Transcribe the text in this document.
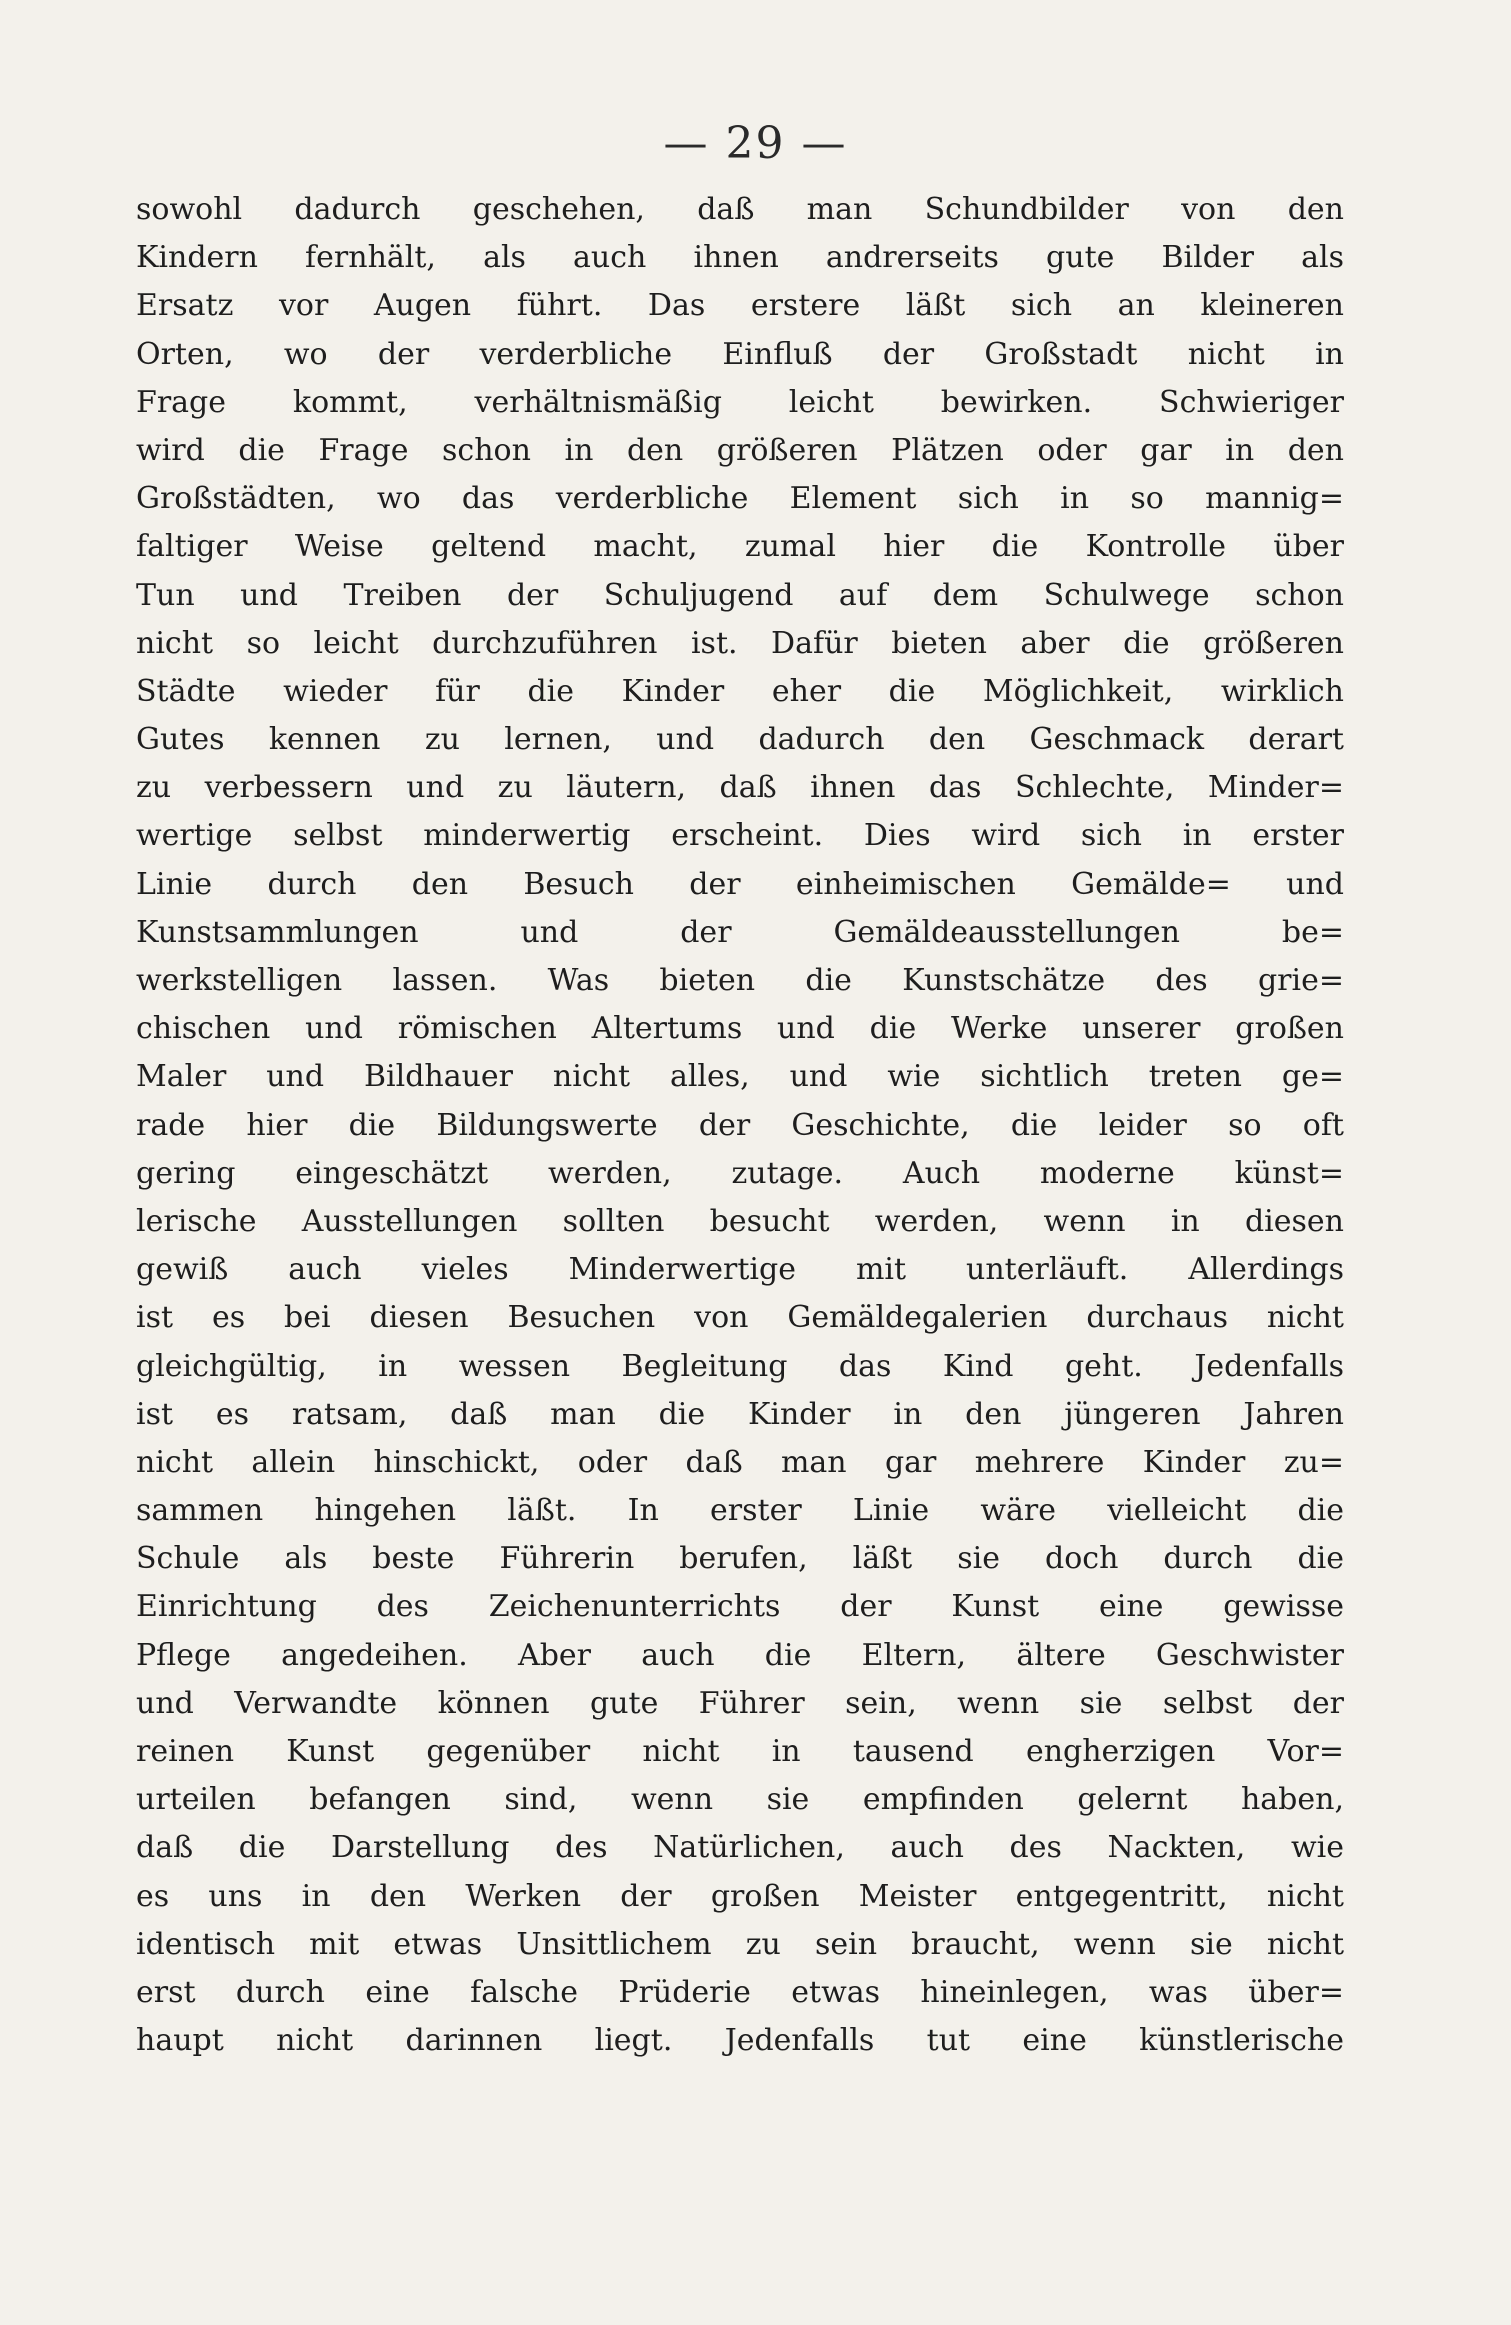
— 29 —
sowohl dadurch geschehen, daß man Schundbilder von den
Kindern fernhält, als auch ihnen andrerseits gute Bilder als
Ersatz vor Augen führt. Das erstere läßt sich an kleineren
Orten, wo der verderbliche Einfluß der Großstadt nicht in
Frage kommt, verhältnismäßig leicht bewirken. Schwieriger
wird die Frage schon in den größeren Plätzen oder gar in den
Großstädten, wo das verderbliche Element sich in so mannig=
faltiger Weise geltend macht, zumal hier die Kontrolle über
Tun und Treiben der Schuljugend auf dem Schulwege schon
nicht so leicht durchzuführen ist. Dafür bieten aber die größeren
Städte wieder für die Kinder eher die Möglichkeit, wirklich
Gutes kennen zu lernen, und dadurch den Geschmack derart
zu verbessern und zu läutern, daß ihnen das Schlechte, Minder=
wertige selbst minderwertig erscheint. Dies wird sich in erster
Linie durch den Besuch der einheimischen Gemälde= und
Kunstsammlungen und der Gemäldeausstellungen be=
werkstelligen lassen. Was bieten die Kunstschätze des grie=
chischen und römischen Altertums und die Werke unserer großen
Maler und Bildhauer nicht alles, und wie sichtlich treten ge=
rade hier die Bildungswerte der Geschichte, die leider so oft
gering eingeschätzt werden, zutage. Auch moderne künst=
lerische Ausstellungen sollten besucht werden, wenn in diesen
gewiß auch vieles Minderwertige mit unterläuft. Allerdings
ist es bei diesen Besuchen von Gemäldegalerien durchaus nicht
gleichgültig, in wessen Begleitung das Kind geht. Jedenfalls
ist es ratsam, daß man die Kinder in den jüngeren Jahren
nicht allein hinschickt, oder daß man gar mehrere Kinder zu=
sammen hingehen läßt. In erster Linie wäre vielleicht die
Schule als beste Führerin berufen, läßt sie doch durch die
Einrichtung des Zeichenunterrichts der Kunst eine gewisse
Pflege angedeihen. Aber auch die Eltern, ältere Geschwister
und Verwandte können gute Führer sein, wenn sie selbst der
reinen Kunst gegenüber nicht in tausend engherzigen Vor=
urteilen befangen sind, wenn sie empfinden gelernt haben,
daß die Darstellung des Natürlichen, auch des Nackten, wie
es uns in den Werken der großen Meister entgegentritt, nicht
identisch mit etwas Unsittlichem zu sein braucht, wenn sie nicht
erst durch eine falsche Prüderie etwas hineinlegen, was über=
haupt nicht darinnen liegt. Jedenfalls tut eine künstlerische
